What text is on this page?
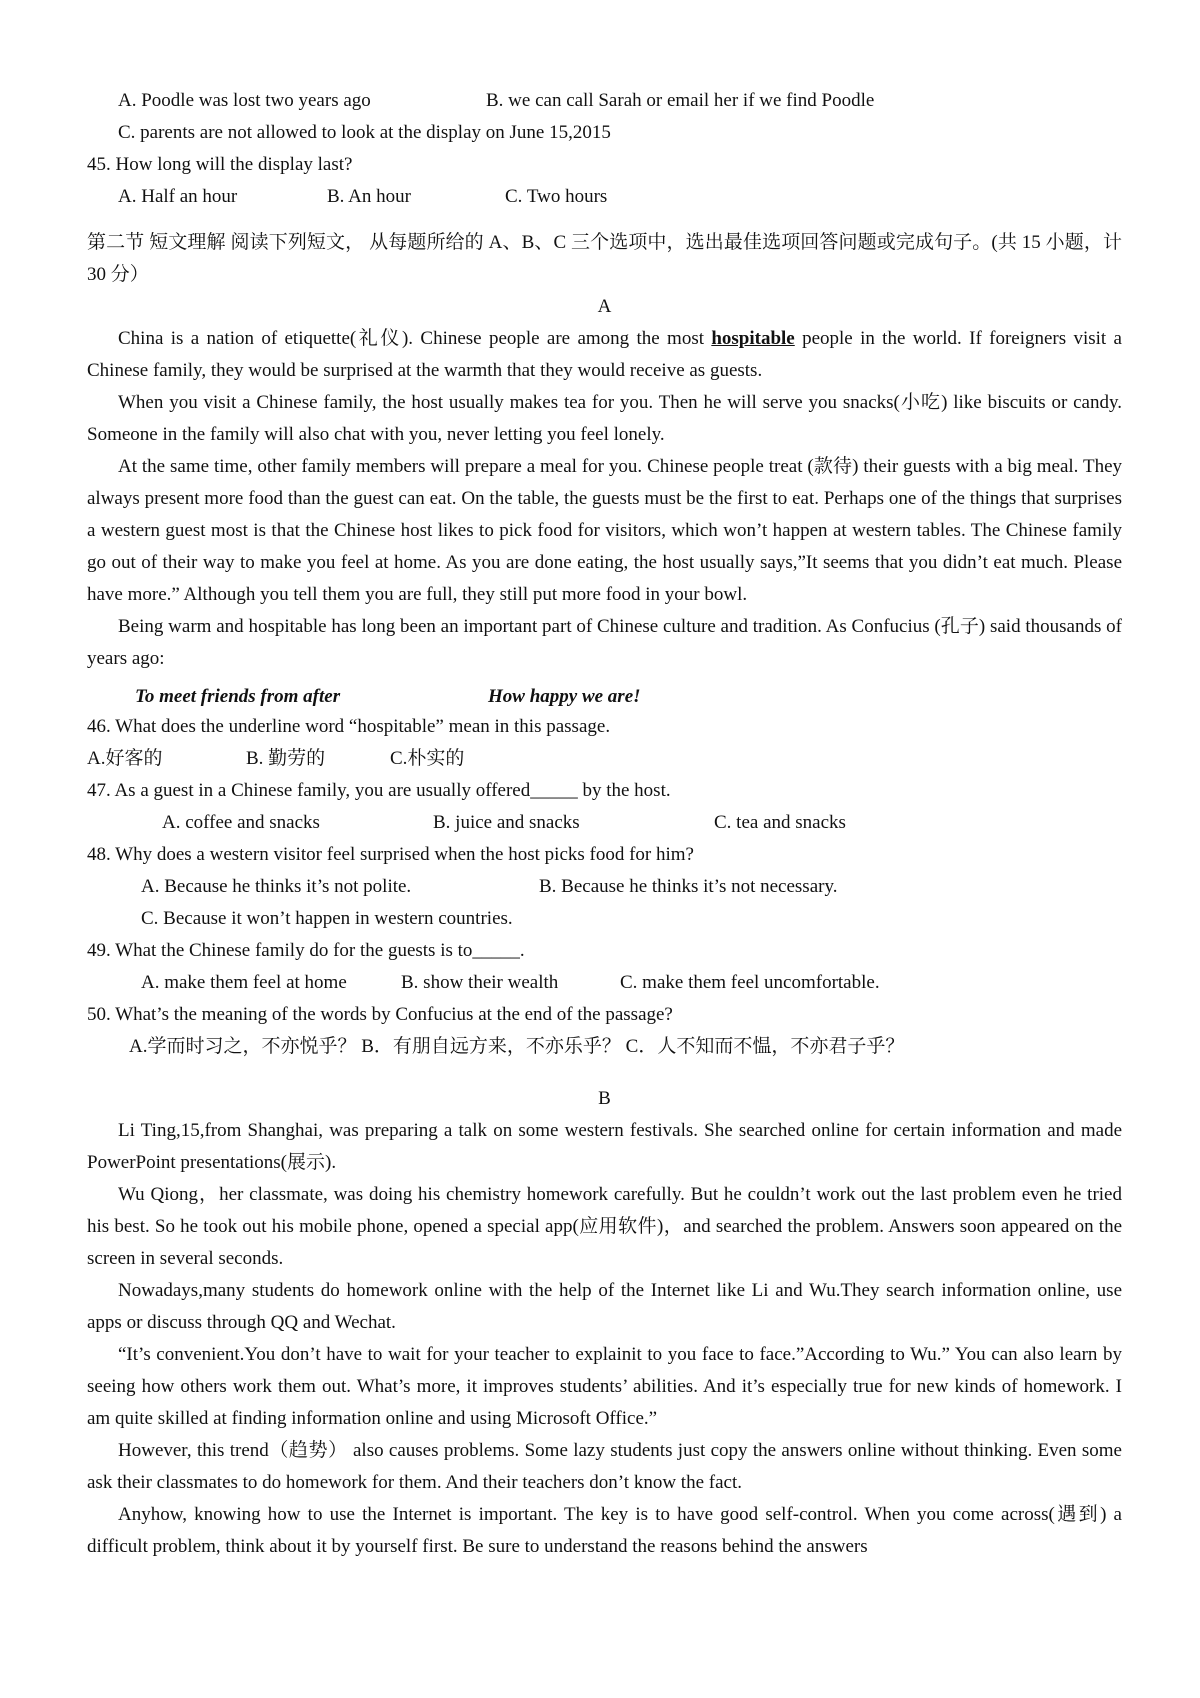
A. Poodle was lost two years ago	B. we can call Sarah or email her if we find Poodle
C. parents are not allowed to look at the display on June 15,2015
45. How long will the display last?
A. Half an hour	B. An hour	C. Two hours
第二节 短文理解 阅读下列短文， 从每题所给的 A、B、C 三个选项中，选出最佳选项回答问题或完成句子。(共 15 小题，计 30 分）
A

China is a nation of etiquette(礼仪). Chinese people are among the most hospitable people in the world. If foreigners visit a Chinese family, they would be surprised at the warmth that they would receive as guests.

When you visit a Chinese family, the host usually makes tea for you. Then he will serve you snacks(小吃) like biscuits or candy. Someone in the family will also chat with you, never letting you feel lonely.

At the same time, other family members will prepare a meal for you. Chinese people treat (款待) their guests with a big meal. They always present more food than the guest can eat. On the table, the guests must be the first to eat. Perhaps one of the things that surprises a western guest most is that the Chinese host likes to pick food for visitors, which won’t happen at western tables. The Chinese family go out of their way to make you feel at home. As you are done eating, the host usually says,”It seems that you didn’t eat much. Please have more.” Although you tell them you are full, they still put more food in your bowl.

Being warm and hospitable has long been an important part of Chinese culture and tradition. As Confucius (孔子) said thousands of years ago:

To meet friends from after	How happy we are!
46. What does the underline word “hospitable” mean in this passage.
A.好客的	B. 勤劳的	C.朴实的
47. As a guest in a Chinese family, you are usually offered_____ by the host.
A. coffee and snacks	B. juice and snacks	C. tea and snacks
48. Why does a western visitor feel surprised when the host picks food for him?
A. Because he thinks it’s not polite.	B. Because he thinks it’s not necessary.
C. Because it won’t happen in western countries.
49. What the Chinese family do for the guests is to_____.
A. make them feel at home	B. show their wealth	C. make them feel uncomfortable.
50. What’s the meaning of the words by Confucius at the end of the passage?
A.学而时习之，不亦悦乎？ B．有朋自远方来，不亦乐乎？ C．人不知而不愠，不亦君子乎？
B

Li Ting,15,from Shanghai, was preparing a talk on some western festivals. She searched online for certain information and made PowerPoint presentations(展示).

Wu Qiong，her classmate, was doing his chemistry homework carefully. But he couldn’t work out the last problem even he tried his best. So he took out his mobile phone, opened a special app(应用软件)，and searched the problem. Answers soon appeared on the screen in several seconds.

Nowadays,many students do homework online with the help of the Internet like Li and Wu.They search information online, use apps or discuss through QQ and Wechat.

“It’s convenient.You don’t have to wait for your teacher to explainit to you face to face.”According to Wu.” You can also learn by seeing how others work them out. What’s more, it improves students’ abilities. And it’s especially true for new kinds of homework. I am quite skilled at finding information online and using Microsoft Office.”

However, this trend（趋势） also causes problems. Some lazy students just copy the answers online without thinking. Even some ask their classmates to do homework for them. And their teachers don’t know the fact.

Anyhow, knowing how to use the Internet is important. The key is to have good self-control. When you come across(遇到) a difficult problem, think about it by yourself first. Be sure to understand the reasons behind the answers
